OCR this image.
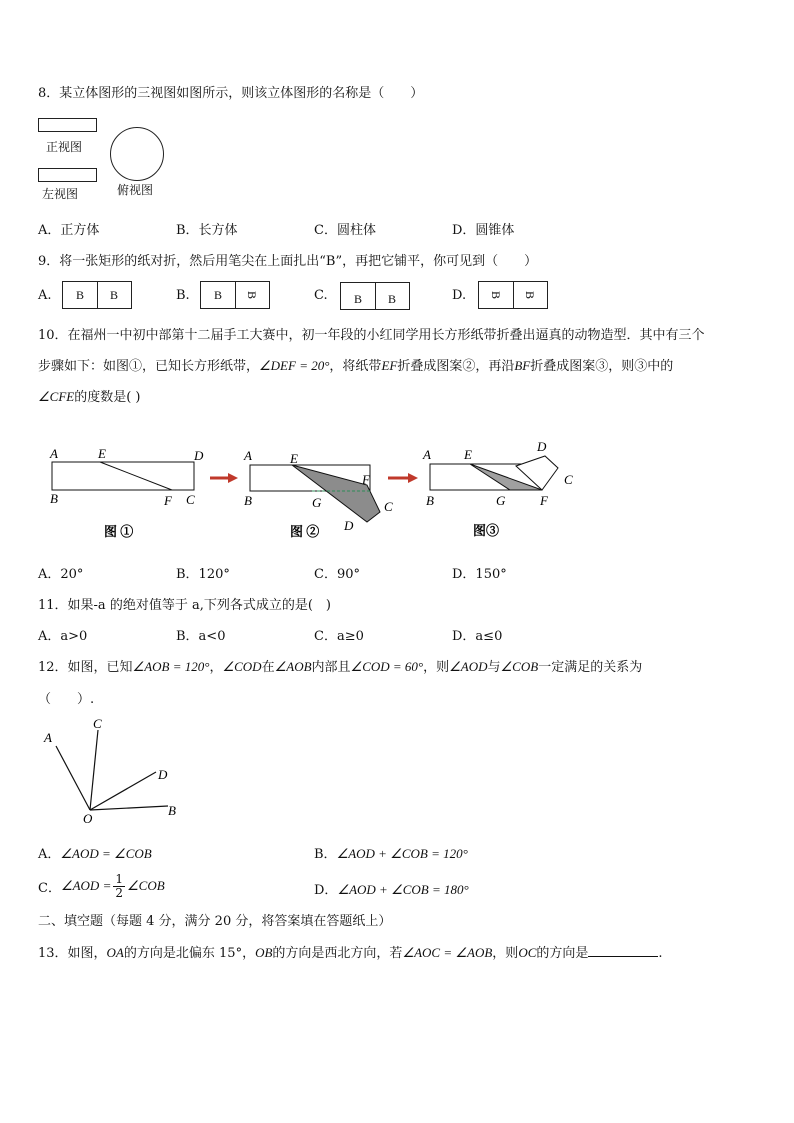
8．某立体图形的三视图如图所示，则该立体图形的名称是（　　）
正视图
左视图	俯视图
A．正方体	B．长方体	C．圆柱体	D．圆锥体
9．将一张矩形的纸对折，然后用笔尖在上面扎出“B”，再把它铺平，你可见到（　　）
A.	B	B	B.	B	B	C.	B	B	D.	B	B
10．在福州一中初中部第十二届手工大赛中，初一年段的小红同学用长方形纸带折叠出逼真的动物造型．其中有三个
步骤如下：如图①，已知长方形纸带，∠DEF = 20°，将纸带EF折叠成图案②，再沿BF折叠成图案③，则③中的
∠CFE的度数是( )
A	E	D
B	F C
图 ①
A	E
F
C
B	G
D
图 ②
A	E
D
C
B	G	F
图③
A．20°	B．120°	C．90°	D．150°
11．如果-a 的绝对值等于 a,下列各式成立的是(　)
A．a>0	B．a<0	C．a≥0	D．a≤0
12．如图，已知∠AOB = 120°，∠COD在∠AOB内部且∠COD = 60°，则∠AOD与∠COB一定满足的关系为
（　　）.
A
C
D
B
O
A．∠AOD = ∠COB	B．∠AOD + ∠COB = 120°
C． ∠AOD = $\frac{1}{2}$ ∠COB	D．∠AOD + ∠COB = 180°
二、填空题（每题 4 分，满分 20 分，将答案填在答题纸上）
13．如图，OA的方向是北偏东 15°，OB的方向是西北方向，若∠AOC = ∠AOB，则OC的方向是	.
